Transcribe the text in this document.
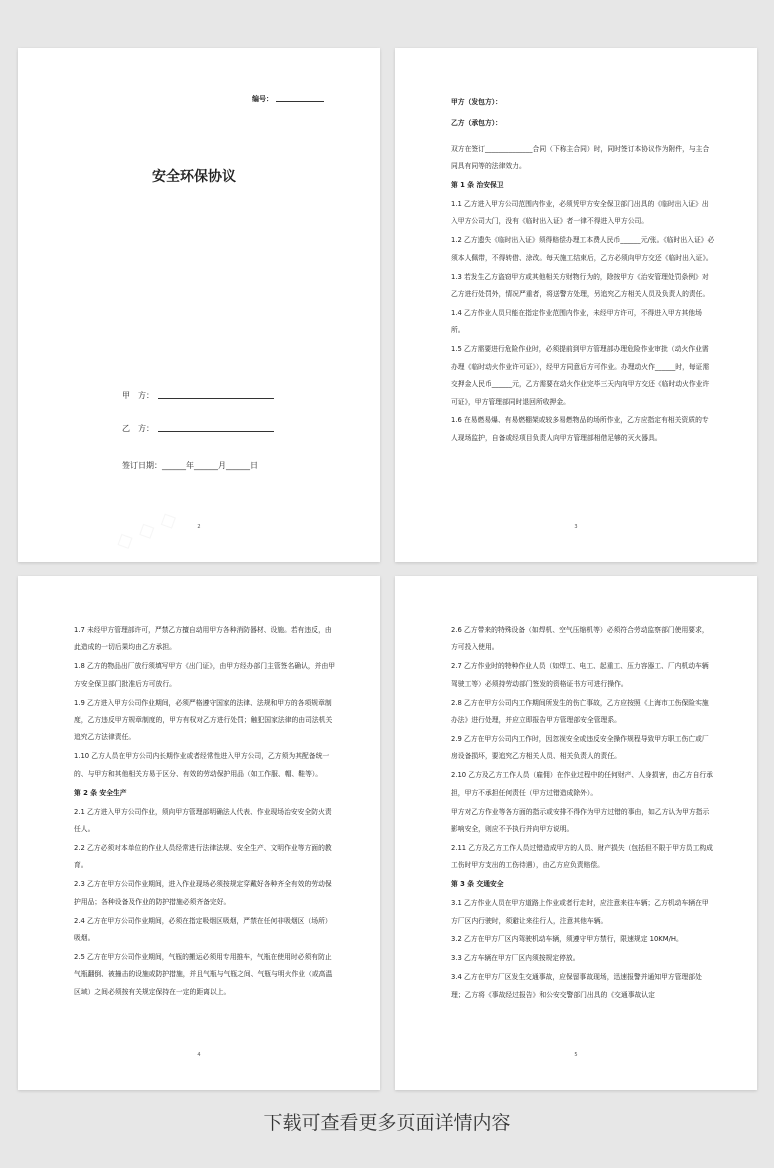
编号：
安全环保协议
甲　方：
乙　方：
签订日期：______年______月______日
2

甲方（发包方）：

乙方（承包方）：

双方在签订______________合同（下称主合同）时，同时签订本协议作为附件，与主合同具有同等的法律效力。

第 1 条 治安保卫

1.1 乙方进入甲方公司范围内作业，必须凭甲方安全保卫部门出具的《临时出入证》出入甲方公司大门，没有《临时出入证》者一律不得进入甲方公司。

1.2 乙方遗失《临时出入证》须得赔偿办理工本费人民币______元/张。《临时出入证》必须本人佩带，不得转借、涂改。每天施工结束后，乙方必须向甲方交还《临时出入证》。

1.3 若发生乙方盗窃甲方或其他相关方财物行为的，除按甲方《治安管理处罚条例》对乙方进行处罚外，情况严重者，将送警方处理，另追究乙方相关人员及负责人的责任。

1.4 乙方作业人员只能在指定作业范围内作业，未经甲方许可，不得进入甲方其他场所。

1.5 乙方需要进行危险作业时，必须提前到甲方管理部办理危险作业审批（动火作业需办理《临时动火作业许可证》），经甲方同意后方可作业。办理动火作______时，每证需交押金人民币______元，乙方需要在动火作业完毕三天内向甲方交还《临时动火作业许可证》，甲方管理部同时退回所收押金。

1.6 在易燃易爆、有易燃棚架或较多易燃物品的场所作业，乙方应指定有相关资质的专人现场监护，自备或经项目负责人向甲方管理部相借足够的灭火器具。

3

1.7 未经甲方管理部许可，严禁乙方擅自动用甲方各种消防器材、设施。若有违反，由此造成的一切后果均由乙方承担。

1.8 乙方的物品出厂放行须填写甲方《出门证》，由甲方经办部门主管签名确认，并由甲方安全保卫部门批准后方可放行。

1.9 乙方进入甲方公司作业期间，必须严格遵守国家的法律、法规和甲方的各项规章制度，乙方违反甲方规章制度的，甲方有权对乙方进行处罚；触犯国家法律的由司法机关追究乙方法律责任。

1.10 乙方人员在甲方公司内长期作业或者经常性进入甲方公司，乙方须为其配备统一的、与甲方和其他相关方易于区分、有效的劳动保护用品（如工作服、帽、鞋等）。

第 2 条 安全生产

2.1 乙方进入甲方公司作业，须向甲方管理部明确法人代表、作业现场治安安全防火责任人。

2.2 乙方必须对本单位的作业人员经常进行法律法规、安全生产、文明作业等方面的教育。

2.3 乙方在甲方公司作业期间，进入作业现场必须按规定穿戴好各种齐全有效的劳动保护用品；各种设备及作业的防护措施必须齐备完好。

2.4 乙方在甲方公司作业期间，必须在指定吸烟区吸烟，严禁在任何非吸烟区（场所）吸烟。

2.5 乙方在甲方公司作业期间，气瓶的搬运必须用专用推车，气瓶在使用时必须有防止气瓶翻倒、被撞击的设施或防护措施，并且气瓶与气瓶之间、气瓶与明火作业（或高温区域）之间必须按有关规定保持在一定的距离以上。

4

2.6 乙方带来的特殊设备（如焊机、空气压缩机等）必须符合劳动监察部门使用要求，方可投入使用。

2.7 乙方作业时的特种作业人员（如焊工、电工、起重工、压力容器工、厂内机动车辆驾驶工等）必须持劳动部门签发的资格证书方可进行操作。

2.8 乙方在甲方公司内工作期间所发生的伤亡事故，乙方应按照《上海市工伤保险实施办法》进行处理，并应立即报告甲方管理部安全管理系。

2.9 乙方在甲方公司内工作时，因忽视安全或违反安全操作规程导致甲方职工伤亡或厂房设备损坏，要追究乙方相关人员、相关负责人的责任。

2.10 乙方及乙方工作人员（雇佣）在作业过程中的任何财产、人身损害，由乙方自行承担，甲方不承担任何责任（甲方过错造成除外）。

甲方对乙方作业等各方面的指示或安排不得作为甲方过错的事由，如乙方认为甲方指示影响安全，则应不予执行并向甲方说明。

2.11 乙方及乙方工作人员过错造成甲方的人员、财产损失（包括但不限于甲方员工构成工伤时甲方支出的工伤待遇），由乙方应负责赔偿。

第 3 条 交通安全

3.1 乙方作业人员在甲方道路上作业或者行走时，应注意来往车辆；乙方机动车辆在甲方厂区内行驶时，须避让来往行人，注意其他车辆。

3.2 乙方在甲方厂区内驾驶机动车辆，须遵守甲方禁行，限速规定 10KM/H。

3.3 乙方车辆在甲方厂区内须按规定停放。

3.4 乙方在甲方厂区发生交通事故，应保留事故现场，迅速报警并通知甲方管理部处理；乙方将《事故经过报告》和公安交警部门出具的《交通事故认定

5
下载可查看更多页面详情内容
